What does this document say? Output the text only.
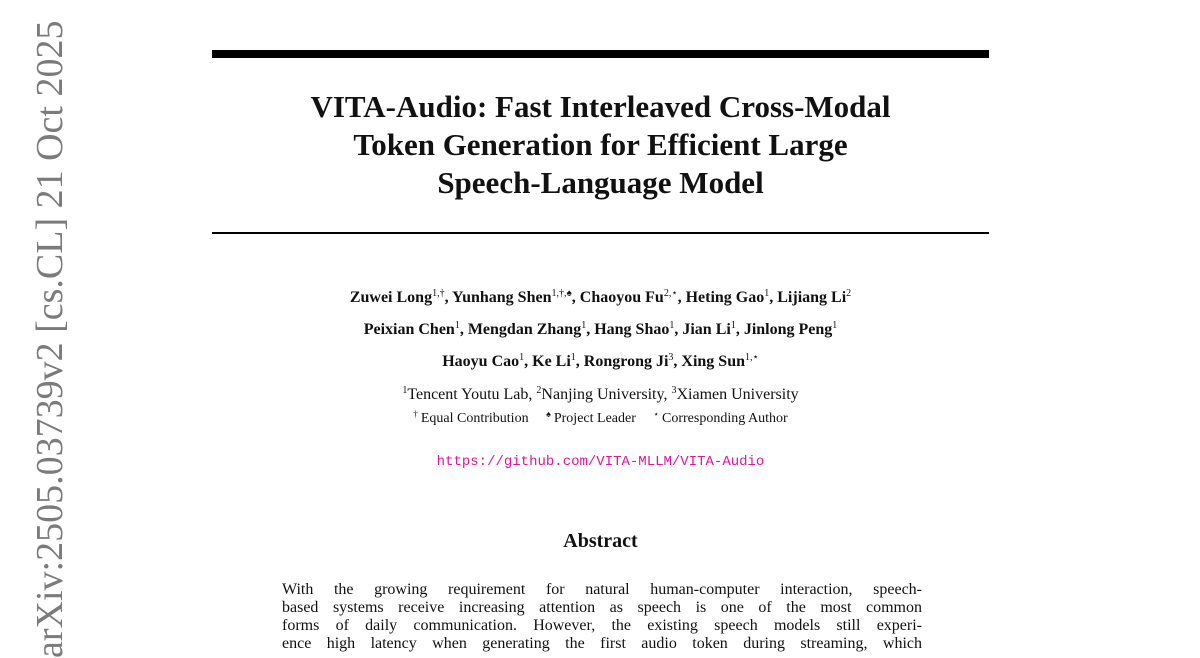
VITA-Audio: Fast Interleaved Cross-Modal
Token Generation for Efficient Large
Speech-Language Model
Zuwei Long$^{1,\dagger}$, Yunhang Shen$^{1,\dagger,♠}$, Chaoyou $Fu^{2,⋆}$, Heting Gao$^1$, Lijiang Li$^2$
Peixian Chen$^1$, Mengdan Zhang$^1$, Hang Shao$^1$, Jian Li$^1$, Jinlong Peng$^1$
Haoyu Cao$^1$, Ke Li$^1$, Rongrong Ji$^3$, Xing Sun$^{1,⋆}$
$^1$Tencent Youtu Lab, $^2$Nanjing University, $^3$Xiamen University
† Equal Contribution ♠ Project Leader ⋆ Corresponding Author
https://github.com/VITA-MLLM/VITA-Audio
Abstract
With the growing requirement for natural human-computer interaction, speech-
based systems receive increasing attention as speech is one of the most common
forms of daily communication. However, the existing speech models still experi-
ence high latency when generating the first audio token during streaming, which
arXiv:2505.03739v2 [cs.CL] 21 Oct 2025
